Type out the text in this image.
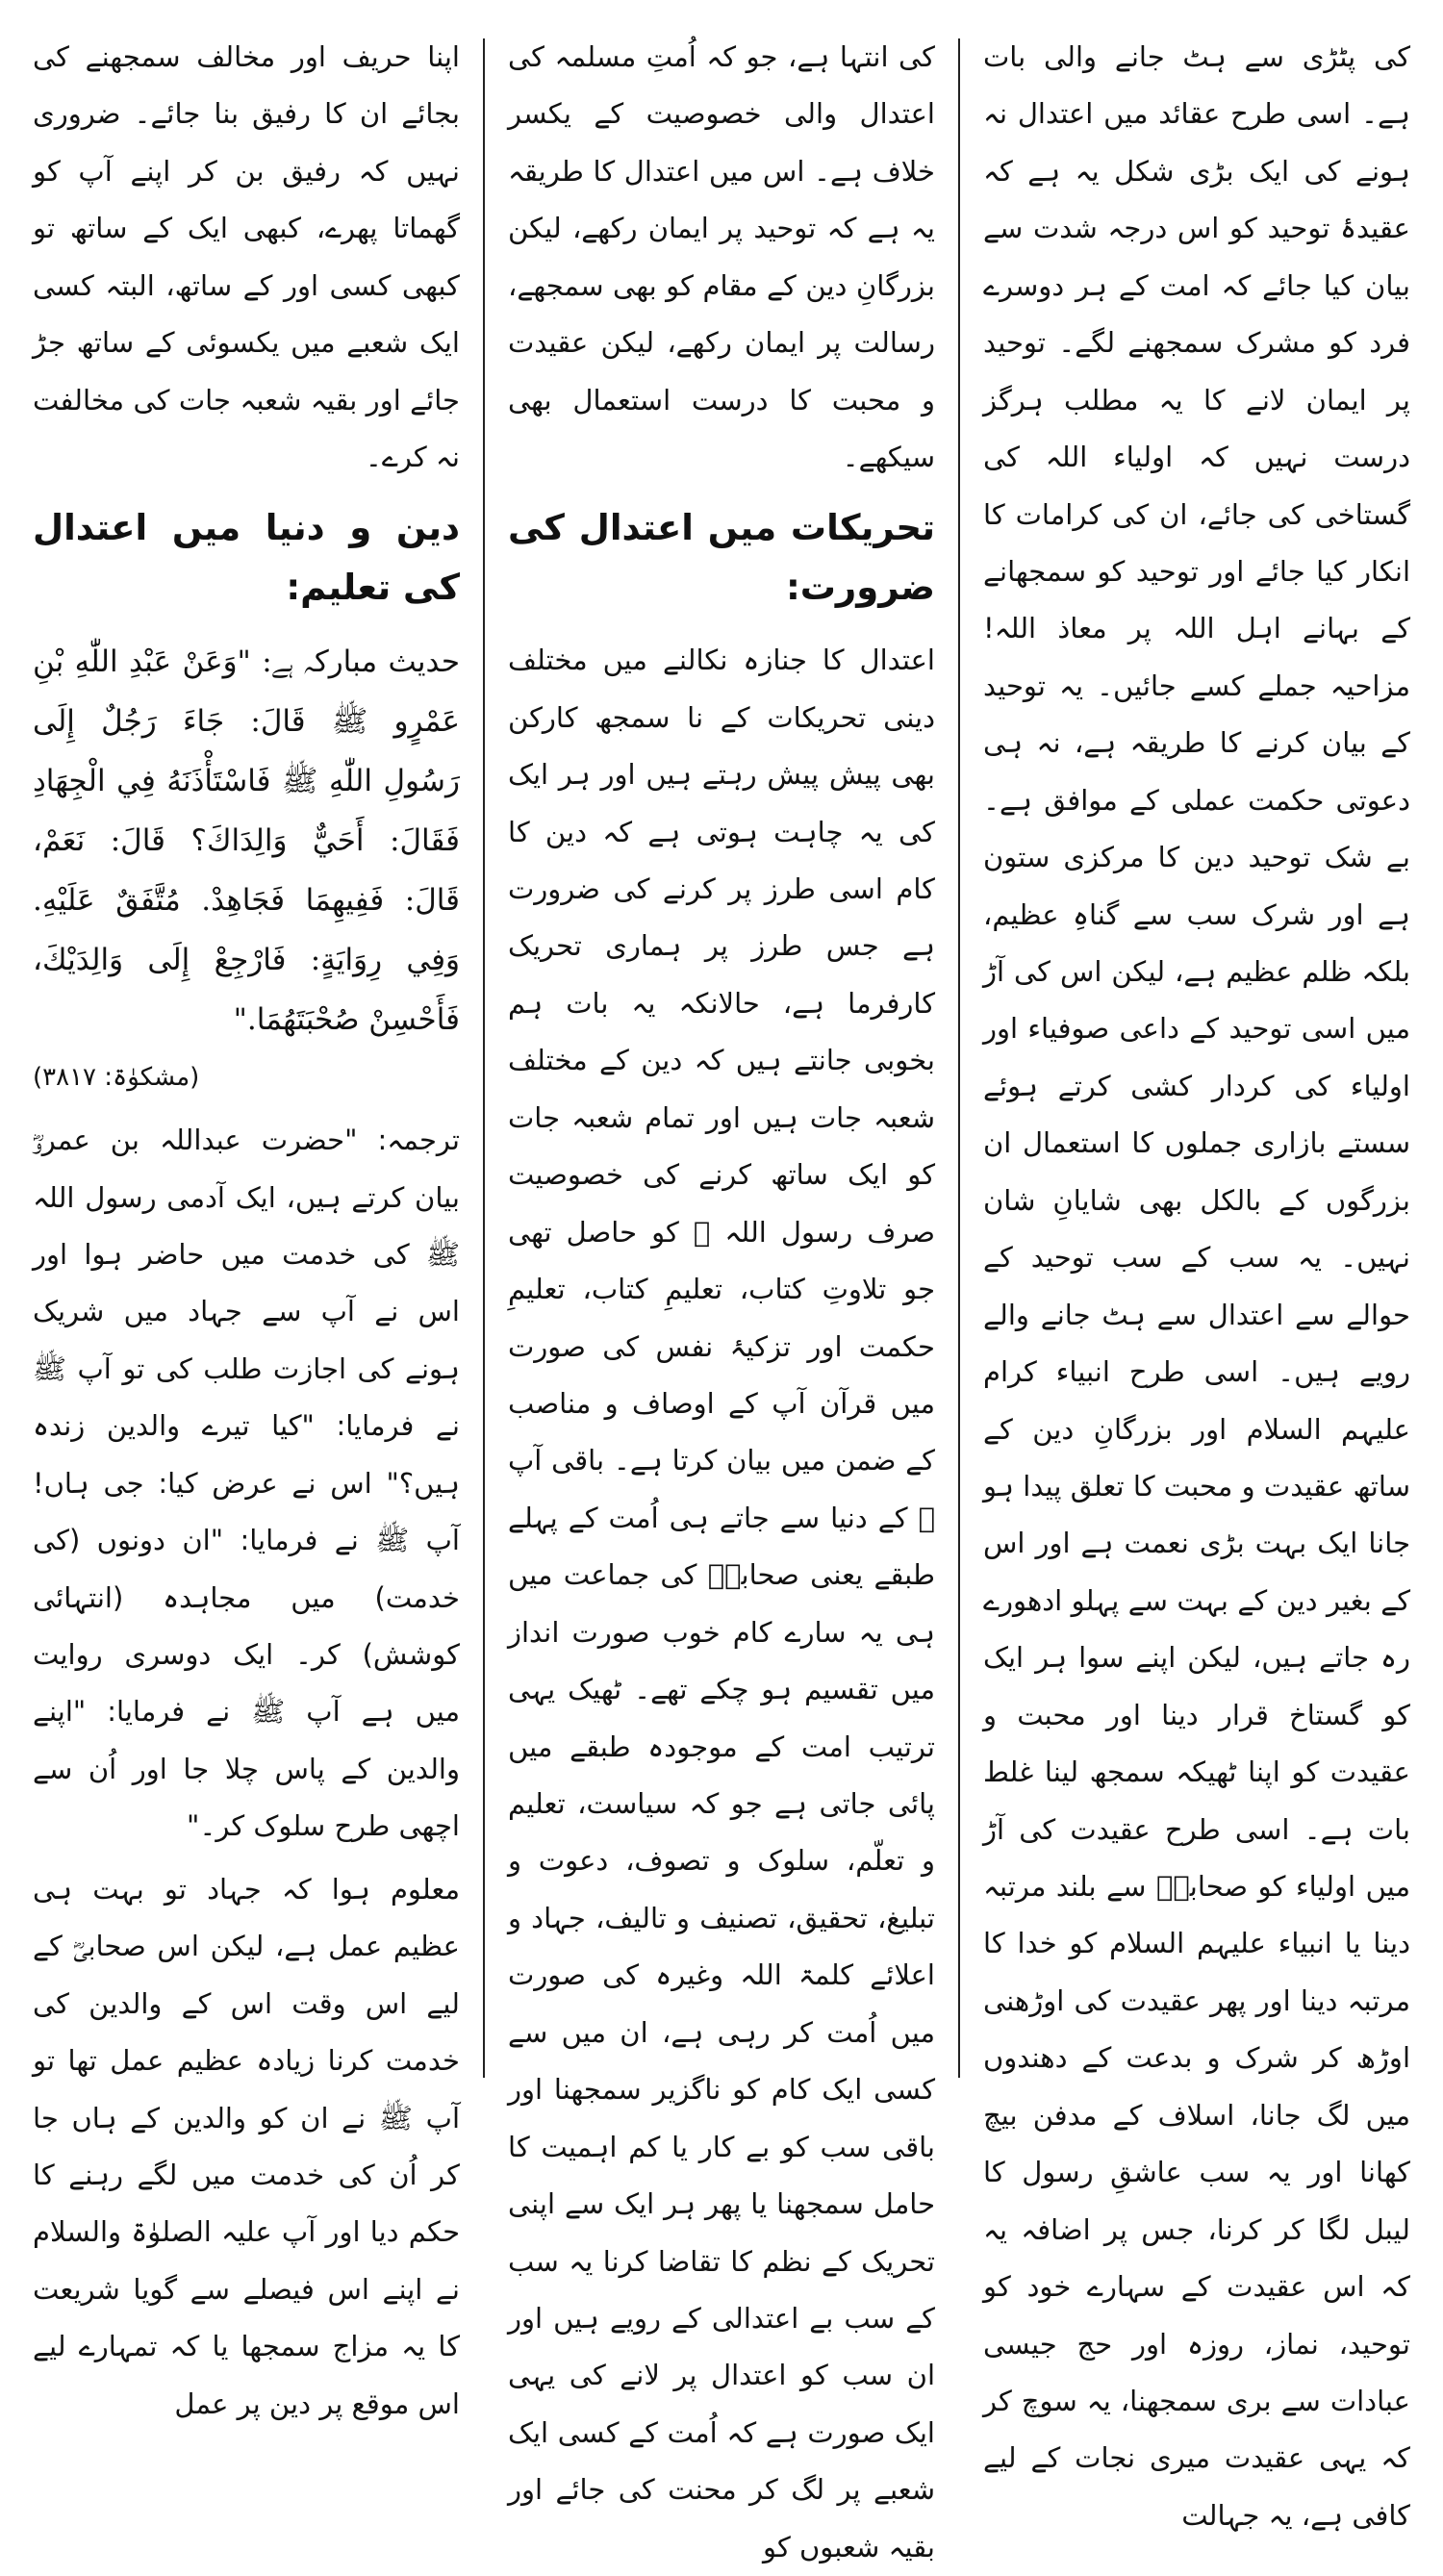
کی پٹڑی سے ہٹ جانے والی بات ہے۔ اسی طرح عقائد میں اعتدال نہ ہونے کی ایک بڑی شکل یہ ہے کہ عقیدۂ توحید کو اس درجہ شدت سے بیان کیا جائے کہ امت کے ہر دوسرے فرد کو مشرک سمجھنے لگے۔ توحید پر ایمان لانے کا یہ مطلب ہرگز درست نہیں کہ اولیاء اللہ کی گستاخی کی جائے، ان کی کرامات کا انکار کیا جائے اور توحید کو سمجھانے کے بہانے اہل اللہ پر معاذ اللہ! مزاحیہ جملے کسے جائیں۔ یہ توحید کے بیان کرنے کا طریقہ ہے، نہ ہی دعوتی حکمت عملی کے موافق ہے۔ بے شک توحید دین کا مرکزی ستون ہے اور شرک سب سے گناہِ عظیم، بلکہ ظلم عظیم ہے، لیکن اس کی آڑ میں اسی توحید کے داعی صوفیاء اور اولیاء کی کردار کشی کرتے ہوئے سستے بازاری جملوں کا استعمال ان بزرگوں کے بالکل بھی شایانِ شان نہیں۔ یہ سب کے سب توحید کے حوالے سے اعتدال سے ہٹ جانے والے رویے ہیں۔ اسی طرح انبیاء کرام علیہم السلام اور بزرگانِ دین کے ساتھ عقیدت و محبت کا تعلق پیدا ہو جانا ایک بہت بڑی نعمت ہے اور اس کے بغیر دین کے بہت سے پہلو ادھورے رہ جاتے ہیں، لیکن اپنے سوا ہر ایک کو گستاخ قرار دینا اور محبت و عقیدت کو اپنا ٹھیکہ سمجھ لینا غلط بات ہے۔ اسی طرح عقیدت کی آڑ میں اولیاء کو صحابہؓ سے بلند مرتبہ دینا یا انبیاء علیہم السلام کو خدا کا مرتبہ دینا اور پھر عقیدت کی اوڑھنی اوڑھ کر شرک و بدعت کے دھندوں میں لگ جانا، اسلاف کے مدفن بیچ کھانا اور یہ سب عاشقِ رسول کا لیبل لگا کر کرنا، جس پر اضافہ یہ کہ اس عقیدت کے سہارے خود کو توحید، نماز، روزہ اور حج جیسی عبادات سے بری سمجھنا، یہ سوچ کر کہ یہی عقیدت میری نجات کے لیے کافی ہے، یہ جہالت

کی انتہا ہے، جو کہ اُمتِ مسلمہ کی اعتدال والی خصوصیت کے یکسر خلاف ہے۔ اس میں اعتدال کا طریقہ یہ ہے کہ توحید پر ایمان رکھے، لیکن بزرگانِ دین کے مقام کو بھی سمجھے، رسالت پر ایمان رکھے، لیکن عقیدت و محبت کا درست استعمال بھی سیکھے۔

تحریکات میں اعتدال کی ضرورت:

اعتدال کا جنازہ نکالنے میں مختلف دینی تحریکات کے نا سمجھ کارکن بھی پیش پیش رہتے ہیں اور ہر ایک کی یہ چاہت ہوتی ہے کہ دین کا کام اسی طرز پر کرنے کی ضرورت ہے جس طرز پر ہماری تحریک کارفرما ہے، حالانکہ یہ بات ہم بخوبی جانتے ہیں کہ دین کے مختلف شعبہ جات ہیں اور تمام شعبہ جات کو ایک ساتھ کرنے کی خصوصیت صرف رسول اللہ ﷺ کو حاصل تھی جو تلاوتِ کتاب، تعلیمِ کتاب، تعلیمِ حکمت اور تزکیۂ نفس کی صورت میں قرآن آپ کے اوصاف و مناصب کے ضمن میں بیان کرتا ہے۔ باقی آپ ﷺ کے دنیا سے جاتے ہی اُمت کے پہلے طبقے یعنی صحابہؓ کی جماعت میں ہی یہ سارے کام خوب صورت انداز میں تقسیم ہو چکے تھے۔ ٹھیک یہی ترتیب امت کے موجودہ طبقے میں پائی جاتی ہے جو کہ سیاست، تعلیم و تعلّم، سلوک و تصوف، دعوت و تبلیغ، تحقیق، تصنیف و تالیف، جہاد و اعلائے کلمۃ اللہ وغیرہ کی صورت میں اُمت کر رہی ہے، ان میں سے کسی ایک کام کو ناگزیر سمجھنا اور باقی سب کو بے کار یا کم اہمیت کا حامل سمجھنا یا پھر ہر ایک سے اپنی تحریک کے نظم کا تقاضا کرنا یہ سب کے سب بے اعتدالی کے رویے ہیں اور ان سب کو اعتدال پر لانے کی یہی ایک صورت ہے کہ اُمت کے کسی ایک شعبے پر لگ کر محنت کی جائے اور بقیہ شعبوں کو

اپنا حریف اور مخالف سمجھنے کی بجائے ان کا رفیق بنا جائے۔ ضروری نہیں کہ رفیق بن کر اپنے آپ کو گھماتا پھرے، کبھی ایک کے ساتھ تو کبھی کسی اور کے ساتھ، البتہ کسی ایک شعبے میں یکسوئی کے ساتھ جڑ جائے اور بقیہ شعبہ جات کی مخالفت نہ کرے۔

دین و دنیا میں اعتدال کی تعلیم:

حدیث مبارکہ ہے: "وَعَنْ عَبْدِ اللّٰهِ بْنِ عَمْرٍو ﷺ قَالَ: جَاءَ رَجُلٌ إِلَى رَسُولِ اللّٰهِ ﷺ فَاسْتَأْذَنَهُ فِي الْجِهَادِ فَقَالَ: أَحَيٌّ وَالِدَاكَ؟ قَالَ: نَعَمْ، قَالَ: فَفِيهِمَا فَجَاهِدْ. مُتَّفَقٌ عَلَيْهِ. وَفِي رِوَايَةٍ: فَارْجِعْ إِلَى وَالِدَيْكَ، فَأَحْسِنْ صُحْبَتَهُمَا."

(مشکوٰۃ: ۳۸۱۷)

ترجمہ: "حضرت عبداللہ بن عمروؓ بیان کرتے ہیں، ایک آدمی رسول اللہ ﷺ کی خدمت میں حاضر ہوا اور اس نے آپ سے جہاد میں شریک ہونے کی اجازت طلب کی تو آپ ﷺ نے فرمایا: "کیا تیرے والدین زندہ ہیں؟" اس نے عرض کیا: جی ہاں! آپ ﷺ نے فرمایا: "ان دونوں (کی خدمت) میں مجاہدہ (انتہائی کوشش) کر۔ ایک دوسری روایت میں ہے آپ ﷺ نے فرمایا: "اپنے والدین کے پاس چلا جا اور اُن سے اچھی طرح سلوک کر۔"

معلوم ہوا کہ جہاد تو بہت ہی عظیم عمل ہے، لیکن اس صحابیؓ کے لیے اس وقت اس کے والدین کی خدمت کرنا زیادہ عظیم عمل تھا تو آپ ﷺ نے ان کو والدین کے ہاں جا کر اُن کی خدمت میں لگے رہنے کا حکم دیا اور آپ علیہ الصلوٰۃ والسلام نے اپنے اس فیصلے سے گویا شریعت کا یہ مزاج سمجھا یا کہ تمہارے لیے اس موقع پر دین پر عمل
